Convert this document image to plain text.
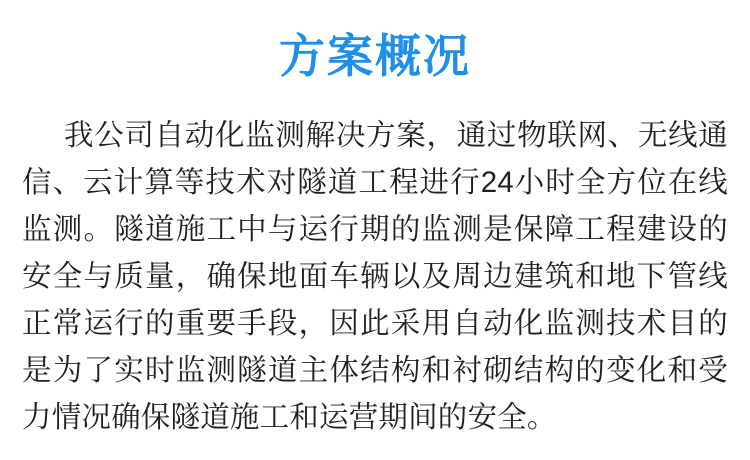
方案概况
我公司自动化监测解决方案，通过物联网、无线通信、云计算等技术对隧道工程进行24小时全方位在线监测。隧道施工中与运行期的监测是保障工程建设的安全与质量，确保地面车辆以及周边建筑和地下管线正常运行的重要手段，因此采用自动化监测技术目的是为了实时监测隧道主体结构和衬砌结构的变化和受力情况确保隧道施工和运营期间的安全。
